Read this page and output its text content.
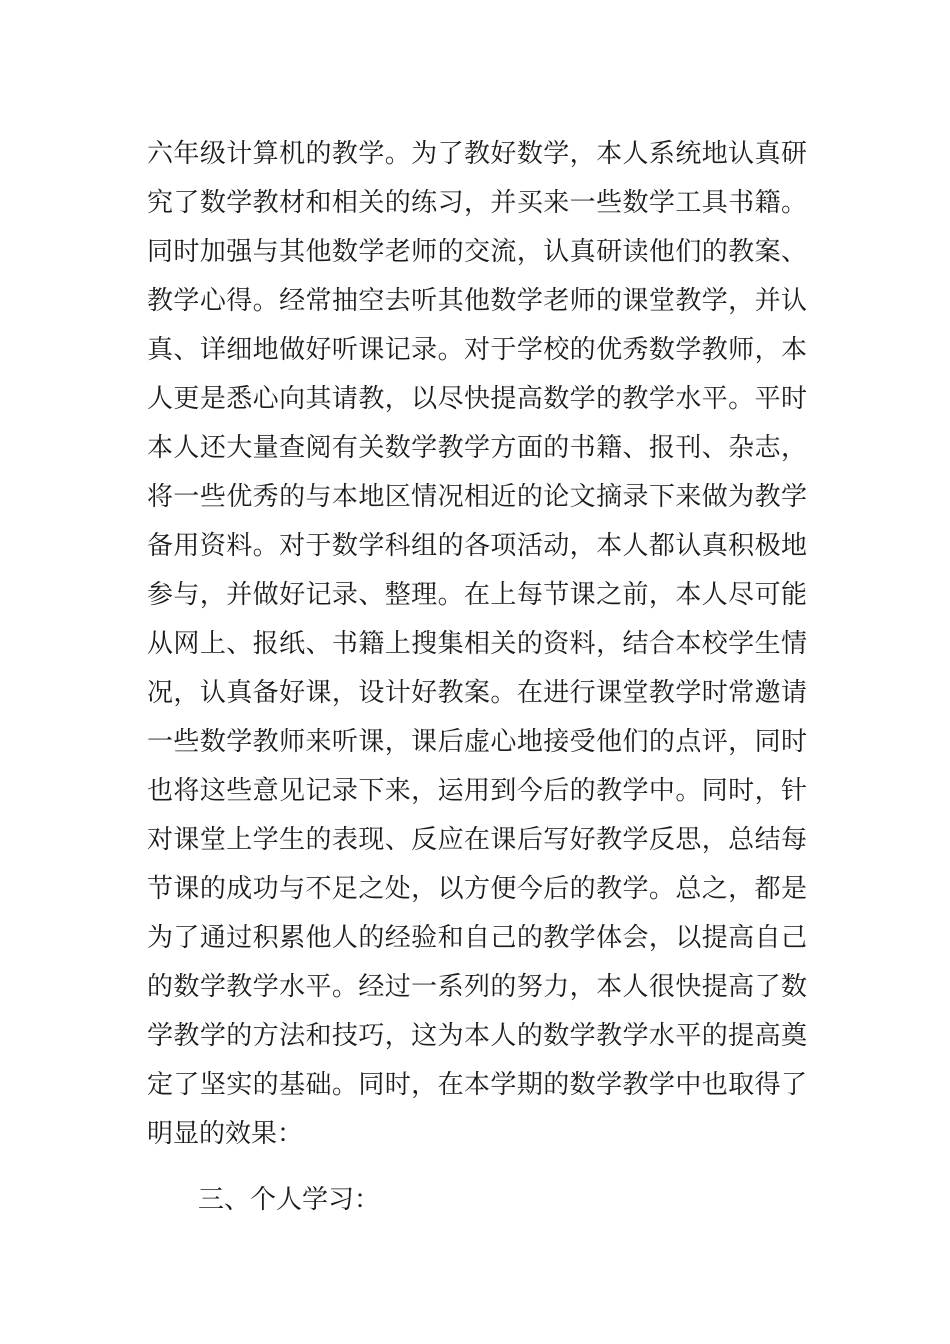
六年级计算机的教学。为了教好数学，本人系统地认真研
究了数学教材和相关的练习，并买来一些数学工具书籍。
同时加强与其他数学老师的交流，认真研读他们的教案、
教学心得。经常抽空去听其他数学老师的课堂教学，并认
真、详细地做好听课记录。对于学校的优秀数学教师，本
人更是悉心向其请教，以尽快提高数学的教学水平。平时
本人还大量查阅有关数学教学方面的书籍、报刊、杂志，
将一些优秀的与本地区情况相近的论文摘录下来做为教学
备用资料。对于数学科组的各项活动，本人都认真积极地
参与，并做好记录、整理。在上每节课之前，本人尽可能
从网上、报纸、书籍上搜集相关的资料，结合本校学生情
况，认真备好课，设计好教案。在进行课堂教学时常邀请
一些数学教师来听课，课后虚心地接受他们的点评，同时
也将这些意见记录下来，运用到今后的教学中。同时，针
对课堂上学生的表现、反应在课后写好教学反思，总结每
节课的成功与不足之处，以方便今后的教学。总之，都是
为了通过积累他人的经验和自己的教学体会，以提高自己
的数学教学水平。经过一系列的努力，本人很快提高了数
学教学的方法和技巧，这为本人的数学教学水平的提高奠
定了坚实的基础。同时，在本学期的数学教学中也取得了
明显的效果：
三、个人学习：
